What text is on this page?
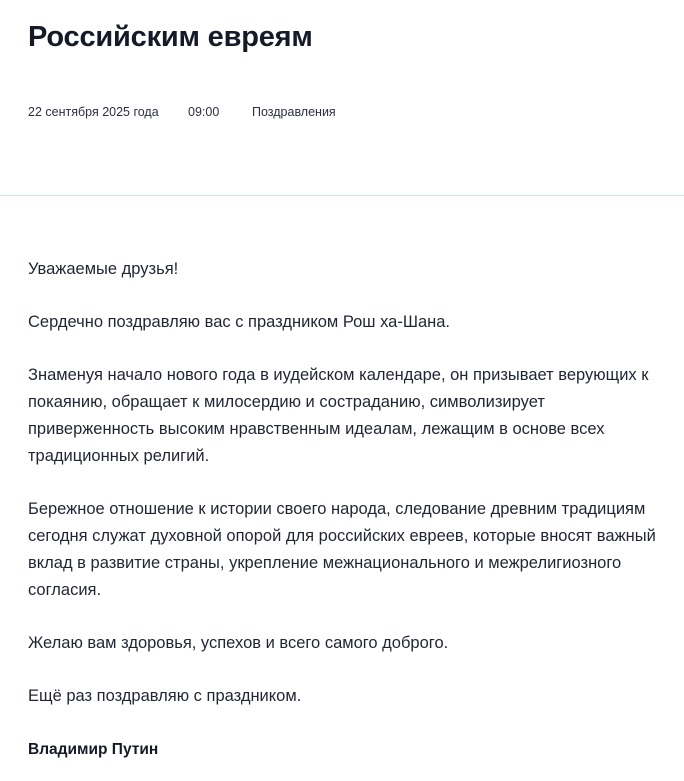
Российским евреям
22 сентября 2025 года 09:00	Поздравления

Уважаемые друзья!

Сердечно поздравляю вас с праздником Рош ха-Шана.

Знаменуя начало нового года в иудейском календаре, он призывает верующих к покаянию, обращает к милосердию и состраданию, символизирует приверженность высоким нравственным идеалам, лежащим в основе всех традиционных религий.

Бережное отношение к истории своего народа, следование древним традициям сегодня служат духовной опорой для российских евреев, которые вносят важный вклад в развитие страны, укрепление межнационального и межрелигиозного согласия.

Желаю вам здоровья, успехов и всего самого доброго.

Ещё раз поздравляю с праздником.

Владимир Путин
